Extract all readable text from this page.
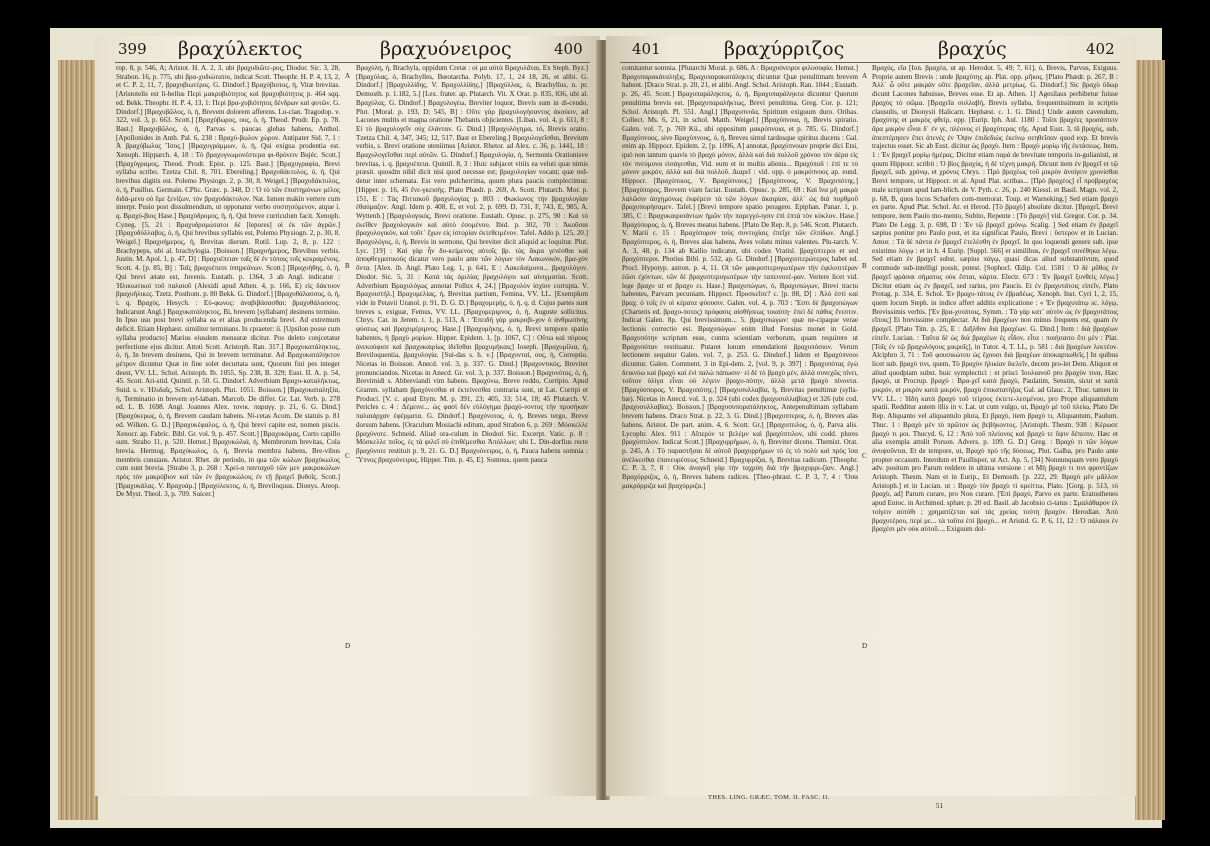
399 βραχύλεκτος	βραχυόνειρος	400

rop. 8, p. 546, A; Aristot. H. A. 2, 3, ubi βραχυδιῶτε-ρος, Diodor. Sic. 3, 28, Strabon. 16, p. 775, ubi βρα-χυδιώτατοι, indicat Scott. Theophr. H. P. 4, 13, 2, et C. P. 2, 11, 7, βραχυβιωτέρος. G. Dindorf.] Βραχύβιοτος, ἡ, Vitæ brevitas. [Aristotelis est li-bellus Περὶ μακροβιότητος καὶ βραχυβιότητος p. 464 sqq. ed. Bekk. Theophr. H. P. 4, 13, 1: Περὶ βρα-χυβιότητος δένδρων καὶ φυτῶν. G. Dindorf.] [Βραχυβῶλος, ὁ, ἡ, Brevem dolorem afferens. Lu-cian. Tragodop. v. 322, vol. 3, p. 663. Scott.] [Βραχύβωρος, ους, ὁ, ἡ, Theod. Prodr. Ep. p. 78. Bast.] Βραχυβῶλος, ὁ, ἡ, Parvas s. paucas glebas habens, Anthol. [Apollonides in Anth. Pal. 6, 238 : Βραχύ-βωλον χώρον. Antipater Sid. 7, 1 : Ἀ βραχύβωλος Ἴσος.] [Βραχυγράμμων, ὁ, ἡ, Qui exigua prodentia est. Xenoph. Hipparch. 4, 18 : Τὸ βραχυγνωμονέστερα φι-θρόνειν Bujéc. Scott.] [Βραχύγραμος, Theod. Prodr. Epist. p. 125. Bast.] [Βραχυγραφία, Brevi syllaba scribo. Tzetza Chil. 8, 701. Ebereling.] Βραχυδάκτυλος, ὁ, ἡ, Qui brevibus digitis est. Polemo Physiogn. 2, p. 30, 8. Weigel.] [Βραχυδάκτυλος, ὁ, ἡ, Pusillus. Germain. CPlic. Græc. p. 348, D : Ὁ τὸ τῶν ἐπιστημόνων μέλος διδά-μενο οὐ ἔμε ξενίζων, τὸν βραχυδάκτυλον. Nat. Ismen makin vertere cum interpr. Pusio post dissulmendum, ut opponatur verbo συστησόμενον, atque i. q. Βραχύ-βιος Hase.] Βραχύδρομος, ἡ, ἡ, Qui breve curriculum facit. Xenoph. Cyneg. [5, 21 : Βραχυδρομώτατοι δὲ [lepores] οἱ ἐκ τῶν ἀγρῶν.] [Βραχυδύλλαβος, ὁ, ἡ, Qui brevibus syllabis est, Polemo Physiogn. 2, p. 30, 8. Weigel.] Βραχυήμερος, ἡ, Brevitas dierum. Rutil. Lup. 2, 8, p. 122 : Brachypeps, ubi al. brachylogia. [Boisson.] [Βραχυήμερος, Brevibus verbis. Justin. M. Apol. 1, p. 47, D] : Βραχυέπειαν ταῖς δὲ ἐν τόποις τοῖς κεκραμένοις. Scott. 4. [p. 85, B] : Ταῖς βραχυέπεσι ὑπηρεάνων. Scott.] [Βραχυήθης, ὁ, ἡ, Qui brevi ætate est, Juvenis. Eustath. p. 1364, 3 ab Angl. indicatur : Ἡλικιωτικοὶ τοῦ παλαιοῦ (Alexidi apud Athen. 4, p. 166, E) εἰς δάκτυον βραχυήλικες. Tzetz. Posthom. p. 80 Bekk. G. Dindorf.] [Βραχυθάλασσος, ὁ, ἡ, i. q. Βραχύς. Hesych. : Εὐ-φωνος: ἀναβιβάσασθαι: βραχυθάλασσος. Indicarunt Angl.] Βραχυκατάληκτος, Bi, brevem [syllabam] desinens termino. In Ipso usu post brevi syllaba ea et alias producenda brevi. Ad extremum deficit. Etiam Hephæst. similiter terminans. In cpraeter: ii. [Upsilon posse cum syllaba producto] Marius eiusdem mensuræ dicitur. Pos deleto conjcetatur perfectione ejus dicitur. Attoti Scott. Aristoph. Ran. 317.] Βραχυκατάληκτος, ὁ, ἡ, In brevem desinens, Qui in brevem terminatur. Ad Βραχυκατάληκτον μέτρον dicuntur Quæ in fine solet decurtata sunt, Quorum fini pes integer deest, VV. LL. Schol. Aristoph. Ib. 1055, Sp. 238, B. 329; Eust. II. A. p. 54, 45. Scott. Ari-stid. Quintil. p. 50. G. Dindorf. Adverbium Βραχυ-καταλήκτως, Suid. s. v. Ἠλιδαῖς, Schol. Aristoph. Plut. 1051. Boisson.] [Βραχυκαταληξία, ἡ, Terminatio in brevem syl-labam. Marcob. De differ. Gr. Lat. Verb. p. 278 ed. L. B. 1698. Angl. Joannes Alex. τονικ. παραγγ. p. 21, 6. G. Dind.] [Βραχύκερως, ὁ, ἡ, Brevem caudam habens. Ni-cetas Acom. De statuis p. 81 ed. Wilken. G. D.] [Βραχυκέφαλος, ὁ, ἡ, Qui brevi capite est, nomen piscis. Xenocr. ap. Fabric. Bibl. Gr. vol. 9, p. 457. Scott.] [Βραχυκόμας, Curto capillo sum. Strabo 11, p. 520. Hemst.] Βραχυκώλιά, ἡ, Membrorum brevitas, Cola brevia. Hermog. Βραχύκωλος, ὁ, ἡ, Brevia membra habens, Bre-vibus membris constans. Aristot. Rhet. de periodo, in qua τῶν κώλων βραχύκωλος cum sunt brevia. [Strabo 3, p. 268 : Χρεί-α πανταχοῦ τῶν μεν μακροκώλων πρὸς τὸν μακρόβιον καὶ τῶν ἐν βραχυκώλοις ἐν τῇ βραχεῖ βυθοῖς. Scott.] [Βραχυκάλας. V. Βραχυάμ.] [Βραχύλεκτος, ὁ, ἡ, Breviloquus. Dionys. Areop. De Myst. Theol. 3, p. 709. Suicer.]

A
B
C
D

Βραχύλη, ἡ, Brachyla, oppidum Cretæ : οἱ μα αὐτὰ Βραχυλᾶται, Ex Steph. Byz.] [Βραχύλας, ὁ, Brachylles, Bœotarcha. Polyb. 17, 1, 24 18, 26, et alibi. G. Dindorf.] [Βραχυλλίδης, V. Βραχυλλίδης.] [Βραχύλλας, ὁ, Brachyllus, n. pr. Demosth. p. 1.182, 5.] [Lex. frater. ap. Plutarch. Vit. X Orat. p. 835, 836, ubi al. Βραχύλας. G. Dindorf.] Βραχυλογέω, Breviter loquor, Brevis sum in di-cendo. Plut. [Moral. p. 193, D; 545, B] : Οὔτε γὰρ βραχυλογήσαντος ἀκούειν, ad Lacones multis et magna oratione Thebanis objicientes. [Liban. vol. 4, p. 611, 8 : Εἰ τὸ βραχυλογεῖν οὐχ ἐλάνταν. G. Dind.] [Βραχυλόγημα, τό, Brevis oratio. Tzetza Chil. 4, 347, 345; 12, 517. Bast et Ebereling.] Βραχυλογεῖσθαι, Brevium verbis, s. Brevi oratione uteniimus [Aristot. Rhetor. ad Alex. c. 36, p. 1441, 18 : Βραχυλογεῖσθαι περὶ αὐτῶν. G. Dindorf.] Βραχυλογία, ἡ, Sermonis Orationisve brevitas, i. q. βραχυέπεια. Quintil. 8, 3 : Huic subjacet vitiis ea veluti quæ nimis præsit. quosdm nihil dicit nisi quod necesse est; βραχυλογίαν vocant; quæ red-detur inter schemata. Est vero pulcherrima, quum plura paucis complectimur. [Hipper. p. 16, 45 ἔνε-γκεισής. Plato Phædr. p. 269, A. Scott. Plutarch. Mor. p. 151, E : Τὰς Πιττακοῦ βραχυλογίας p. 803 : Φωκίωνος τὴν βραχυλογίαν ἐθαύμαζον. Angl. Idem p. 408, E, et vol. 2, p. 699, D, 731, F, 743, E, 985, A. Wyttenb.] [Βραχυλογικός, Brevi oratione. Eustath. Opusc. p. 275, 90 : Καὶ τὸ ἐκεῖθεν βραχυλογικὸν καὶ αὐτὸ ἐσομένου. Ibid. p. 302, 70 : Ἀκοῦσαι βραχυλογικὸν, καὶ τοῦτ᾽ ἔχων εἰς ἱστορίαν ἐκτεθειμένον. Tafel. Addo p. 125, 20.] Βραχυλόγος, ὁ, ἡ, Brevis in sermone, Qui breviter dicit aliquid ac loquitur. Plut. Lyc. [19] : Καὶ γὰρ ἦν δυ-κείμενος αὐτοῖς βρ. τὰς ἄκρα γενέσθαι καὶ ἀποφθεγματικοὺς dicatur vero paulo ante τῶν λόγων τὸν Λακωνικόν, βρα-χὺν ὄντα. [Alex. ib. Angl. Plato Leg. 1, p. 641, E : Λακεδαίμονα... βραχυλόγον. Diodor. Sic. 5, 31 : Κατὰ τὰς ὁμιλίας βραχυλόγοι καὶ αἰνιγματίαι. Scott. Adverbium Βραχυλόγως annotat Pollux 4, 24.] [Βραχυλὸν ἰσχίον corrupta. V. Βραχυιστήλ.] Βραχυμελίας, ἡ, Brevitas partium, Femina, VV. LL. [Exemplum vide in Petavii Uranol. p. 91, D. G. D.] Βραχυμερής, ὁ, ἡ, q. d. Cujus partes sunt breves s. exiguæ, Femus, VV. LL. [Βραχυμεριμνος, ὁ, ἡ, Auguste sollicitus. Chrys. Cat. in Jerem. t. 1, p. 513, A : Ἐπειδὴ γὰρ μακροβι-χον ὁ ἀνθρωπίνης φύσεως καὶ βραχυμέριμνος. Hase.] [Βραχυμήκης, ὁ, ἡ, Brevi tempore spatio habentes, ἡ βραχὺ μορίων. Hipper. Epidem. 1, [p. 1067, C] : Οὕτω καὶ πόρους ἀνεκούφισε καὶ βραχυκαιρίως ἰδεῖσθαι βραχυμήκαις] Ioseph. [Βραχυμίλια, ἡ, Breviloquentia, βραχυλογία. [Sui-das s. h. v.] [Βραχυνταί, ους, ἡ, Correptio. Nicetas in Boisson. Anecd. vol. 3, p. 337. G. Dind.] [Βραχυντικός, Breviter pronunciandos. Nicetas in Anecd. Gr. vol. 3, p. 337. Boisson.] Βραχυνότος, ὁ, ἡ, Brevimidi s. Abbreviandi vim habens. Βραχύνω, Breve reddo, Corripio. Apud Gramm. syllabam βραχύνεσθαι et ἐκτείνεσθαι contraria sunt, ut Lat. Corripi et Produci. [V. c. apud Etym. M. p. 391, 23; 405, 33; 514, 18; 45 Plutarch. V. Pericles c. 4 : Δέμεινε... ὡς φασὶ δὲν εὐλόγημα βραχύ-νοντος τὴν προσήκαν παλαιάρχαν ἐφέρματα. G. Dindorf.] Βραχύνοτος, ὁ, ἡ, Breves tergo, Breve dorsum habens. [Oraculum Mosiachi editum, apud Strabon 6, p. 269 : Μόσκελλε βραχύνοτε. Schneid. Aliud ora-culum in Diodori Sic. Excerpt. Vatic. p. 8 : Μόσκελλε ποῖος, ἐς τὰ φιλεῖ σὺ ἐπιθέμεσθαι Ἀπόλλων; ubi L. Din-dorfius recte βραχύνοτε restituit p. 9, 21. G. D.] Βραχυόνειρος, ὁ, ἡ, Pauca habens somnia : Ὕπνος βραχυόνειρος, Hipper. Tim. p. 45, E]. Somnus, quem pauca

401	βραχύρριζος	βραχύς	402

comitantur somnia. [Plutarchi Moral. p. 686, A : Βραχυόνειροι φιλοσοφία. Hemst.] Βραχυπαρακάταληξις, Βραχυπαρακατάληκτις dicuntur Quæ penultimam brevem habent. [Draco Strat. p. 20, 21, et alibi. Angl. Schol. Aristoph. Ran. 1044 ; Eustath. p. 26, 45. Scott.] Βραχυπαράληκτος, ὁ, ἡ, Βραχυπαράληκτα dicuntur Quorum penultima brevis est. [Βραχυπαραλήκτως, Brevi penultima. Greg. Cor. p. 121; Schol. Aristoph. Pl. 551. Angl.] [Βραχυπνοΐα, Spiritum exiguum duro. Oribas. Collect. Ms. 6, 21, in schol. Matth. Weigel.] [Βραχύπνοια, ἡ, Brevis spiratio. Galen. vol. 7, p. 769 Kü., ubi oppositum μακρόπνοια, et p. 785. G. Dindorf.] Βραχύπνοος, sive Βραχύπνους, ὁ, ἡ, Breves simul tardosque spiritus ducens : Gal. enim ap. Hippocr. Epidem. 2, [p. 1096, A] annotat, βραχύπνοιαν proprie dici Etsi, quò non tantum quavis τὸ βραχὺ μόνον, ἀλλὰ καὶ διὰ πολλοῦ χρόνου τὸν ἀέρα εἰς τὸν πνεύμονα εἰσάγεσθαι, Vid. eum et in multis alienis... Βραχύποδ : ἐπί τε τὸ μόνον μικρόν, ἀλλὰ καὶ διὰ πολλοῦ. Διαρεῖ : vid. opp. ὁ μακρόπνοος ap. eund. Hippocr. [Βραχύποιος, V. Βραχύπνοος.] [Βραχύπνοος, V. Βραχυπότης.] [Βραχύπορος, Brevem viam faciat. Eustath. Opusc. p. 285, 69 : Καὶ ἵνα μὴ μακρὰ λαλῶσιν ἀσχημόνως ἐκφέρειν τὰ τῶν λόγων ἀκαιρίαν, ἀλλ᾽ ὡς διὰ πορθμοῦ βραχυπορήσαμεν. Tafel.] [Brevi tempore spatio peragere. Epiphan. Panar. 1, p. 385, C : Βραχυκαιρισάντων ἡμῶν τὴν παρεγγύ-ησιν ἐπὶ ἑπτὰ τὸν κύκλον. Hase.] Βραχύπορος, ὁ, ἡ, Breves meatus habens. [Plato De Rep. 8, p. 546. Scott. Plutarch. V. Marii c. 15 : Βραχύπορον τοὺς συντυχίαις ἐπεῖχε τῶν ἐλπίδων. Angl.] Βραχύπτερος, ὁ, ἡ, Breves alas habens, Aves volatu minus valentes. Plu-tarch. V. A. 3, 48, p. 134 ab Kallio indicatur, ubi codex Vratisl. βραχύπτεροι et sed βραχύπτεροι. Photius Bibl. p. 532, ap. G. Dindorf.] [Βραχυπτερώτερος habet ed. Procl. Hypotyp. astron. p. 4, 11. Οἱ τῶν μακροπτερυγωτέρων τὴν ἐφιλοτιτέραν ἐῶσι ἐχόντων, τῶν δὲ βραχυπτερυγωτέρων τὴν ταπεινοτέ-ραν. Vertere licet vid. lege βραχυ ut et βραχυ ει. Hase.] Βραχυπώγων, ὁ, Βραχυπώγων, Brevi tractu habentes, Parvam pecuniam. Hippocr. Προσκεῖσε? c. [p. 88, D] : Ἀλὸ ἐστὶ καὶ βραχ. ὁ τοῖς ἐν οἱ κέρατα φύουσιν. Galen. vol. 4, p. 703 : Ἔστι δὲ βραχυπώγων (Charteris ed. βραχυ-ποτος) πρόφασις αἰσθήσεως τοιαύτη· ἐπεὶ δὲ πάθος ἔνεστιν. Indicat Galen. 8ρ. Qui brevissimum... 5. βραχυπώγων: quæ ne-cipaque verae lectionis correctio est. Βραχυπώγων enim illud Foesius monet in Gold. Βραχυπότην scriptum esse, contra scientiam verborum, quam requirere ut Βραχυπόταν restituatur. Putaret lonum emendationi βραχυπόσιον. Verum lectionem sequitur Galen. vol. 7, p. 253. G. Dindorf.] Iidem et Βραχύπνοοι dicuntur. Galen. Comment. 3 in Epi-dem. 2, [vol. 9, p. 397] : Βραχυπότας ἐγώ δεικνύω καὶ βραχὺ καὶ ἐνὶ παλὼ πάπωσιν· εἰ δὲ τὸ βραχὺ μὲν, ἀλλὰ συνεχῶς πίνει, τοῦτον ὀλίγα εἶναι οὐ λέγειν βραχυ-πότην, ἀλλὰ μετὰ βραχὺ πίνοντα. [Βραχύσπορος, V. Βραχυπότης.] [Βραχυσυλλαβία, ἡ, Brevitas penultimæ (sylla-bæ). Nicetas in Anecd. vol. 3, p. 324 (ubi codex βραχυσυλλαβίας) et 326 (ubi cod. βραχυσυλλαβίας). Boisson.] [Βραχυσυπορατάληκτος, Antepenultimam syllabam brevem habens. Draco Strat. p. 22, 3. G. Dind.] [Βραχυπτερος, ὁ, ἡ, Breves alas habens. Aristot. De part. anim. 4, 6. Scott. Gr.] [Βραχυπτιλος, ὁ, ἡ, Parva alis. Lycophr. Alex. 911 : Αἴπερόν τε βελέμν καὶ βραχύπτιλον, ubi codd. plures βραχύπτιλον. Indicat Scott.] [Βραχυρρήμων, ὁ, ἡ, Breviter dicens. Themist. Orat. p. 245, A : Τὸ παραστῆσαι δὲ αὐτοῦ βραχυρρήμων τὸ ἐς τὸ πολὺ καὶ πρὸς ἴσα ἀνέλκεσθαι ἐπανευρέσεως Schneid.] Βραχυρρίζια, ἡ, Brevitas radicum. [Theophr. C. P. 3, 7, 8 : Οὐκ ἀναγκῆ γὰρ τὴν ταχρύη διὰ τὴν βραχυρρι-ζίαν. Angl.] Βραχύρριζος, ὁ, ἡ, Breves habens radices. [Theo-phrast. C. P. 3, 7, 4 : Ὅσα μακρόρριζα καὶ βραχύρριζα.]

A
B
C
D

Βραχύς, εῖα [Ion. βραχέα, ut ap. Herodot. 5, 49; 7, 61], ύ, Brevis, Parvus, Exiguus. Proprie autem Brevis : unde βραχύτης ap. Plat. opp. μῆκος. [Plato Phædr. p. 267, B : Ἀλλ᾽ ὦ οὔτε μακρὰν οὔτε βραχεῖαν, ἀλλὰ μετρίως. G. Dindorf.] Sic βραχὺ ὕδωρ dicunt Lacones habuisse, Breves esse. Et ap. Athen. 1] Agesilaus perhibetur fuisse βραχὺς τὸ σῶμα. [Βραχεῖα συλλαβή, Brevis syllaba, frequentissimum in scriptis clausulis, ut Dionysii Halicarn. Hephæst. c. 1. G. Dind.] Unde autem cavendum, βραχύτης et μακρὸς φθείρ, opp. [Eurip. Iph. Aul. 1180 : Τοῖσι βραχέες προσάπτειν ἄρα μικρὸν εἶναι δ᾽ ἐν γε, πλέονος εἰ βραχύτερας τῆς. Apud Eust. 3, tū βραχύς, sub, ἀπεστέρησεν ἔπει ἀτενὲς ἐν Ὄψιν ἐπιδεδιὼς ἐκείνῳ σεηθεῖσαν quod exp. Et brevis trajectus esset. Sic ab Eust. dicitur ὡς βραχὺ. Item : Βραχὺ μορίῳ τῆς ἐκτάσεως. Item, 1 : Ἐν βραχεῖ μορίῳ ἡμέρας. Dicitur etiam παρά de brevitate temporis in-gulianisti, ut quum Hippocr. scribit : Ὁ βίος βραχὺς, ἡ δὲ τέχνη μακρή. Dicunt item ἐν βραχεῖ et τῷ βραχεῖ, sub. χρόνῳ, et χρόνος Chrys. : Πρὸ βραχέως τοῦ μικρὸν ἀνοίγειν χρονίσθαι Brevi tempore, ut Hippocr. et al. Apud Plat. scribas... [Πρὸ βραχέος] εἶ προβραχέος male scriptum apud Iam-blich. de V. Pyth. c. 26, p. 240 Kiessl. et Basil. Magn. vol. 2, p. 68, B, quos locos Schæfers com-memorat. Toup. et Warneking.] Sed etiam βραχὺ ex parte. Apud Plat. Schol. Ar. et Herod. [Τὸ βραχὺ] absolute dicitur. [Βραχεῖ, Brevi tempore, item Paulo mo-mento, Subito, Repente : [Τὸ βραχὺ] vid. Gregor. Cor. p. 34. Plato De Legg. 3, p. 698, D : Ἐν τῷ βραχεῖ χρόνῳ. Scalig. ] Sed etiam ἐν βραχεῖ sæpius ponitur pro Paulo post, et ita significat Paulo, Brevi : ὕστερον et in Lucian. Amor. : Τὰ δὲ πάντα ἐν βραχεῖ ἐτελέσθη ἐν βραχεῖ. In quo loquendi genere sub. ipse existimo λόγῳ : et in h. 4 Eurip. [Suppl. 566] et similibus, ἐν βραχεῖ συνέθηκα λέγω. Sed etiam ἐν βραχεῖ subst. sæpius πάγῳ, quasi dicas aliud substantivum, quod commode sub-intelligi possit, potest. [Sophocl. Œdip. Col. 1581 : Ὁ δὲ μῦθος ἐν βραχεῖ φράσαι σήματος οὐκ ἔσται, κάρτα. Electr. 673 : Ἐν βραχεῖ ξυνθεὶς λέγω.] Dicitur etiam ὡς ἐν βραχεῖ, sed rarius, pro Paucis. Et ἐν βραχυτάτοις εἰπεῖν, Plato Protag. p. 334, E. Schol. Ἐν βραχυ-τάτοις ἐν ἐβραδέως, Xenoph. Inst. Cyri 1, 2, 15, quem locum Steph. in indice affert additis explicatione : « Ἐν βραχυτάτῳ sc. λόγῳ, Brevissimis verbis. [Ἐν βρα-χυτάτοις, Symm. : Τὰ γὰρ κατ᾽ αὐτὸν ὡς ἐν βραχυτάτοις εἴποις] Et brevissime complectar. At διὰ βραχέων non minus frequens est, quam ἐν βραχεῖ. [Plato Tim. p. 25, E : Διῆλθον διὰ βραχέων. G. Dind.] Item : διὰ βραχέων εἰπεῖν. Lucian. : Ταῦτα δὲ ὡς διὰ βραχέων ἐς εἶδον, εἶτα : ποιήσαιτο ὅτι μὲν : Plat. [Τοῖς ἐν τῷ βραχυλόγους μικροῖς], in Tutor. 4, T. LL, p. 581 : διὰ βραχέων λεκτέον. Alciphro 3, 71 : Τοῦ φουσικώτου ὡς ἔχουσι διὰ βραχέων ἀποκαρπωθεῖς.] In quibus licet sub. βραχὺ τινι, quem, Τὸ βραχὺν ἡλικίαν διελεῖν, decem pro-let Dem. Aliquot et aliud quodpiam subst. huic symplectici : et prisci Ἰουλιανοῦ pro βραχὺν τινα, Hæc βραχὺ, ut Procrup. βραχύ : Βρα-χεῖ κατὰ βραχὺ, Paulatim, Sensim, sicut et κατὰ μικρόν, et μικρὸν κατὰ μικρόν, βραχὺ ἐπικατατήξας Gal. ad Glauc. 2, Thuc. tamen in VV. LL. : Ἡδη κατὰ βραχὺ τοῦ τείχους ἐκτετε-λεσμένου, pro Prope aliquantulum spatii. Redditur autem illis in v. Lat. ut cum vulgo, ut, Βραχὺ μὲ τοῦ πλείω, Plato De Rep. Aliquanto vel aliquantulo plura, Et βραχὺ, item βραχὺ τι, Aliquantum, Paulum. Thuc. 1 : Βραχὺ μὲν τὸ πρῶτον ὡς βεβήκοντος. [Aristoph. Thesm. 938 : Κέρωσε βραχὺ τι μοι. Thucyd. 6, 12 : Ἀπὸ τοῦ πλείονος καὶ βραχὺ τε ὄψιν δέπεσιν. Hæc et alia exempla attulit Porson. Advers. p. 109. G. D.] Greg. : Βραχὺ τι τῶν λόγων ἀνυψοῦνται. Et de tempore, ut, Βραχὺ πρὸ τῆς δύσεως, Plut. Galba, pro Paulo ante propter occasum. Interdum et Paullisper, ut Act. Ap. 5, [34] Nonnunquam vero βραχὺ adv. positum pro Parum reddere in ultima versione : et Μὴ βραχὺ τι τινι φροντίζων Aristoph. Thesm. Nam et in Eurip., Et Demosth. [p. 222, 29. Βραχὺ μὲν μᾶλλον Aristoph.] et in Lucian. ut : Βραχὺ τὸν βραχὺ τὶ κρείττω, Plato. [Gorg. p. 513, τὸ βραχὺ, ad] Parum curare, pro Non curare. [Ἐπὶ βραχύ, Parvo ex parte. Eratosthenes apud Eutoc. in Archimed. sphær. p. 20 ed. Basil. ab Jacobsio ci-tatus : Σμαλάθαρον ἐλ τοίγειν αὐτόθι ; χρηματίζεται καὶ τὰς χρείας τούτη βραχὺν. Herodian. Ἀπὸ βραχυτέρου, περί με... τὰ ταῦτα ἐπὶ βραχὺ... et Aristid. G. P. 6, 11, 12 : Ὁ πάλαιοι ἐν βραχέσι μὲν οὐκ αὐτοῦ..., Exiguum dol-

THES. LING. GRÆC. TOM. II. FASC. II.
51
